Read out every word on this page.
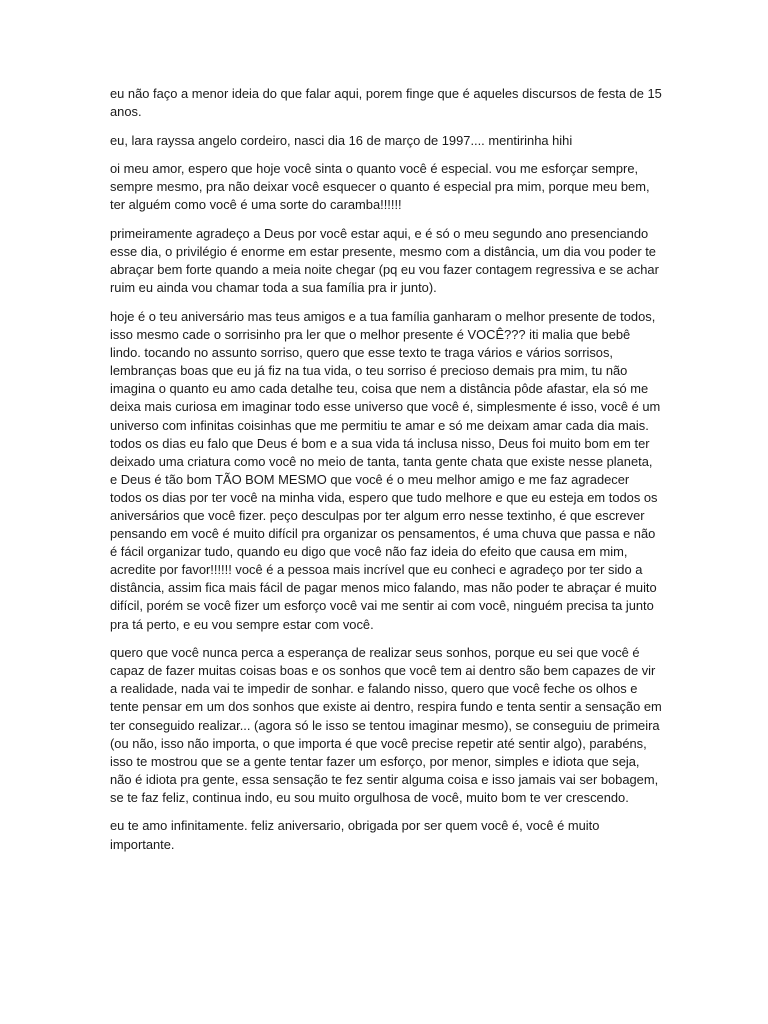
eu não faço a menor ideia do que falar aqui, porem finge que é aqueles discursos de festa de 15 anos.

eu, lara rayssa angelo cordeiro, nasci dia 16 de março de 1997.... mentirinha hihi

oi meu amor, espero que hoje você sinta o quanto você é especial. vou me esforçar sempre, sempre mesmo, pra não deixar você esquecer o quanto é especial pra mim, porque meu bem, ter alguém como você é uma sorte do caramba!!!!!!

primeiramente agradeço a Deus por você estar aqui, e é só o meu segundo ano presenciando esse dia, o privilégio é enorme em estar presente, mesmo com a distância, um dia vou poder te abraçar bem forte quando a meia noite chegar (pq eu vou fazer contagem regressiva e se achar ruim eu ainda vou chamar toda a sua família pra ir junto).

hoje é o teu aniversário mas teus amigos e a tua família ganharam o melhor presente de todos, isso mesmo cade o sorrisinho pra ler que o melhor presente é VOCÊ??? iti malia que bebê lindo. tocando no assunto sorriso, quero que esse texto te traga vários e vários sorrisos, lembranças boas que eu já fiz na tua vida, o teu sorriso é precioso demais pra mim, tu não imagina o quanto eu amo cada detalhe teu, coisa que nem a distância pôde afastar, ela só me deixa mais curiosa em imaginar todo esse universo que você é, simplesmente é isso, você é um universo com infinitas coisinhas que me permitiu te amar e só me deixam amar cada dia mais. todos os dias eu falo que Deus é bom e a sua vida tá inclusa nisso, Deus foi muito bom em ter deixado uma criatura como você no meio de tanta, tanta gente chata que existe nesse planeta, e Deus é tão bom TÃO BOM MESMO que você é o meu melhor amigo e me faz agradecer todos os dias por ter você na minha vida, espero que tudo melhore e que eu esteja em todos os aniversários que você fizer. peço desculpas por ter algum erro nesse textinho, é que escrever pensando em você é muito difícil pra organizar os pensamentos, é uma chuva que passa e não é fácil organizar tudo, quando eu digo que você não faz ideia do efeito que causa em mim, acredite por favor!!!!!! você é a pessoa mais incrível que eu conheci e agradeço por ter sido a distância, assim fica mais fácil de pagar menos mico falando, mas não poder te abraçar é muito difícil, porém se você fizer um esforço você vai me sentir ai com você, ninguém precisa ta junto pra tá perto, e eu vou sempre estar com você.

quero que você nunca perca a esperança de realizar seus sonhos, porque eu sei que você é capaz de fazer muitas coisas boas e os sonhos que você tem ai dentro são bem capazes de vir a realidade, nada vai te impedir de sonhar. e falando nisso, quero que você feche os olhos e tente pensar em um dos sonhos que existe ai dentro, respira fundo e tenta sentir a sensação em ter conseguido realizar... (agora só le isso se tentou imaginar mesmo), se conseguiu de primeira (ou não, isso não importa, o que importa é que você precise repetir até sentir algo), parabéns, isso te mostrou que se a gente tentar fazer um esforço, por menor, simples e idiota que seja, não é idiota pra gente, essa sensação te fez sentir alguma coisa e isso jamais vai ser bobagem, se te faz feliz, continua indo, eu sou muito orgulhosa de você, muito bom te ver crescendo.

eu te amo infinitamente. feliz aniversario, obrigada por ser quem você é, você é muito importante.
